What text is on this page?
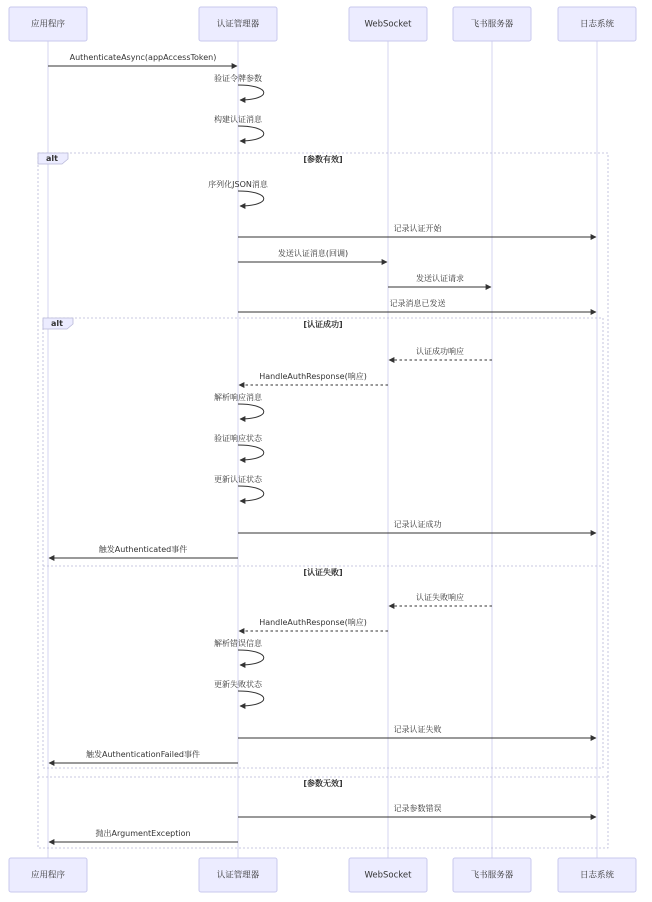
alt	[参数有效]
[参数无效]
alt	[认证成功]
[认证失败]
AuthenticateAsync(appAccessToken)
验证令牌参数
构建认证消息
序列化JSON消息
记录认证开始
发送认证消息(回调)
发送认证请求
记录消息已发送
认证成功响应
HandleAuthResponse(响应)
解析响应消息
验证响应状态
更新认证状态
记录认证成功
触发Authenticated事件
认证失败响应
HandleAuthResponse(响应)
解析错误信息
更新失败状态
记录认证失败
触发AuthenticationFailed事件
记录参数错误
抛出ArgumentException
应用程序
应用程序
认证管理器
认证管理器
WebSocket
WebSocket
飞书服务器
飞书服务器
日志系统
日志系统
